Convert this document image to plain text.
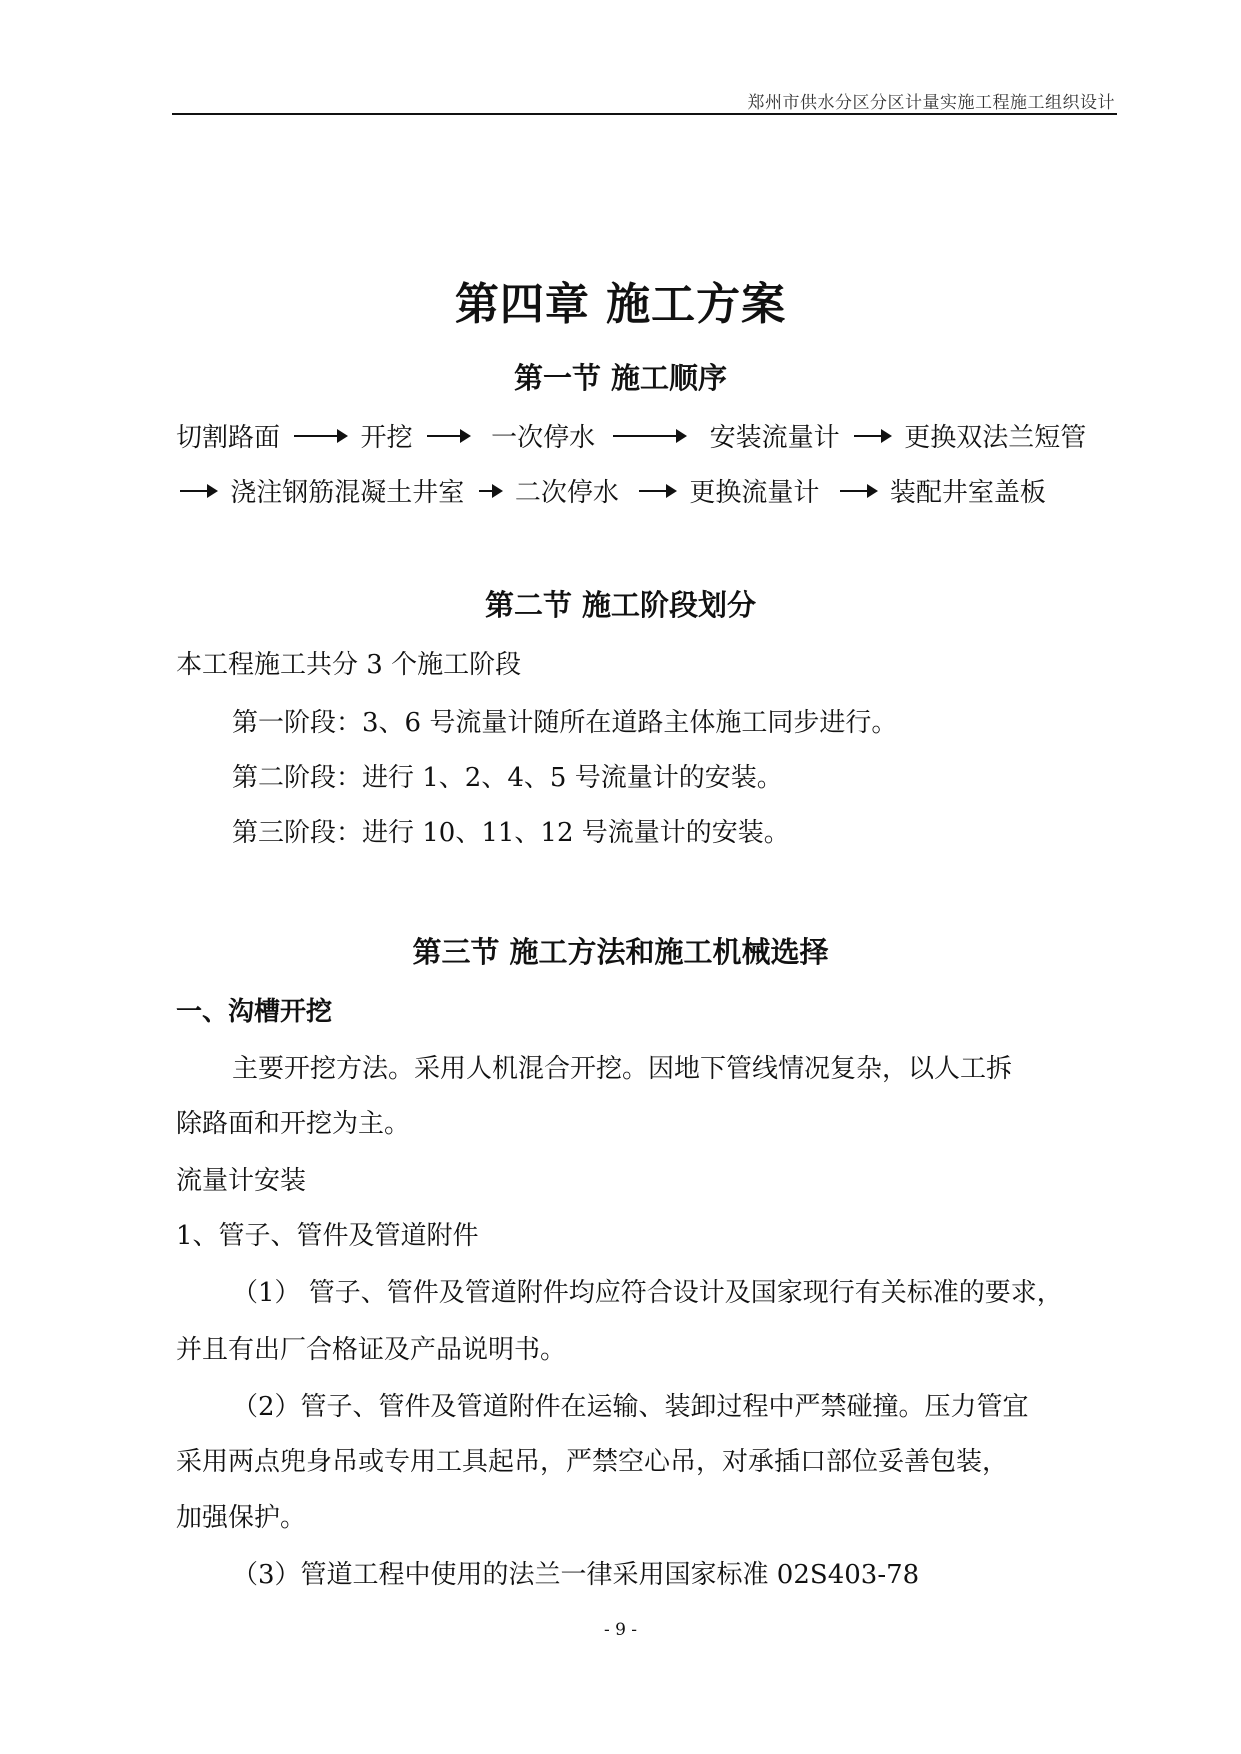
郑州市供水分区分区计量实施工程施工组织设计
第四章 施工方案
第一节 施工顺序
切割路面	开挖	一次停水	安装流量计 更换双法兰短管
浇注钢筋混凝土井室 二次停水	更换流量计	装配井室盖板
第二节 施工阶段划分
本工程施工共分 3 个施工阶段
第一阶段：3、6 号流量计随所在道路主体施工同步进行。
第二阶段：进行 1、2、4、5 号流量计的安装。
第三阶段：进行 10、11、12 号流量计的安装。
第三节 施工方法和施工机械选择
一、沟槽开挖
主要开挖方法。采用人机混合开挖。因地下管线情况复杂，以人工拆
除路面和开挖为主。
流量计安装
1、管子、管件及管道附件
（1） 管子、管件及管道附件均应符合设计及国家现行有关标准的要求，
并且有出厂合格证及产品说明书。
（2）管子、管件及管道附件在运输、装卸过程中严禁碰撞。压力管宜
采用两点兜身吊或专用工具起吊，严禁空心吊，对承插口部位妥善包装，
加强保护。
（3）管道工程中使用的法兰一律采用国家标准 02S403-78
- 9 -
